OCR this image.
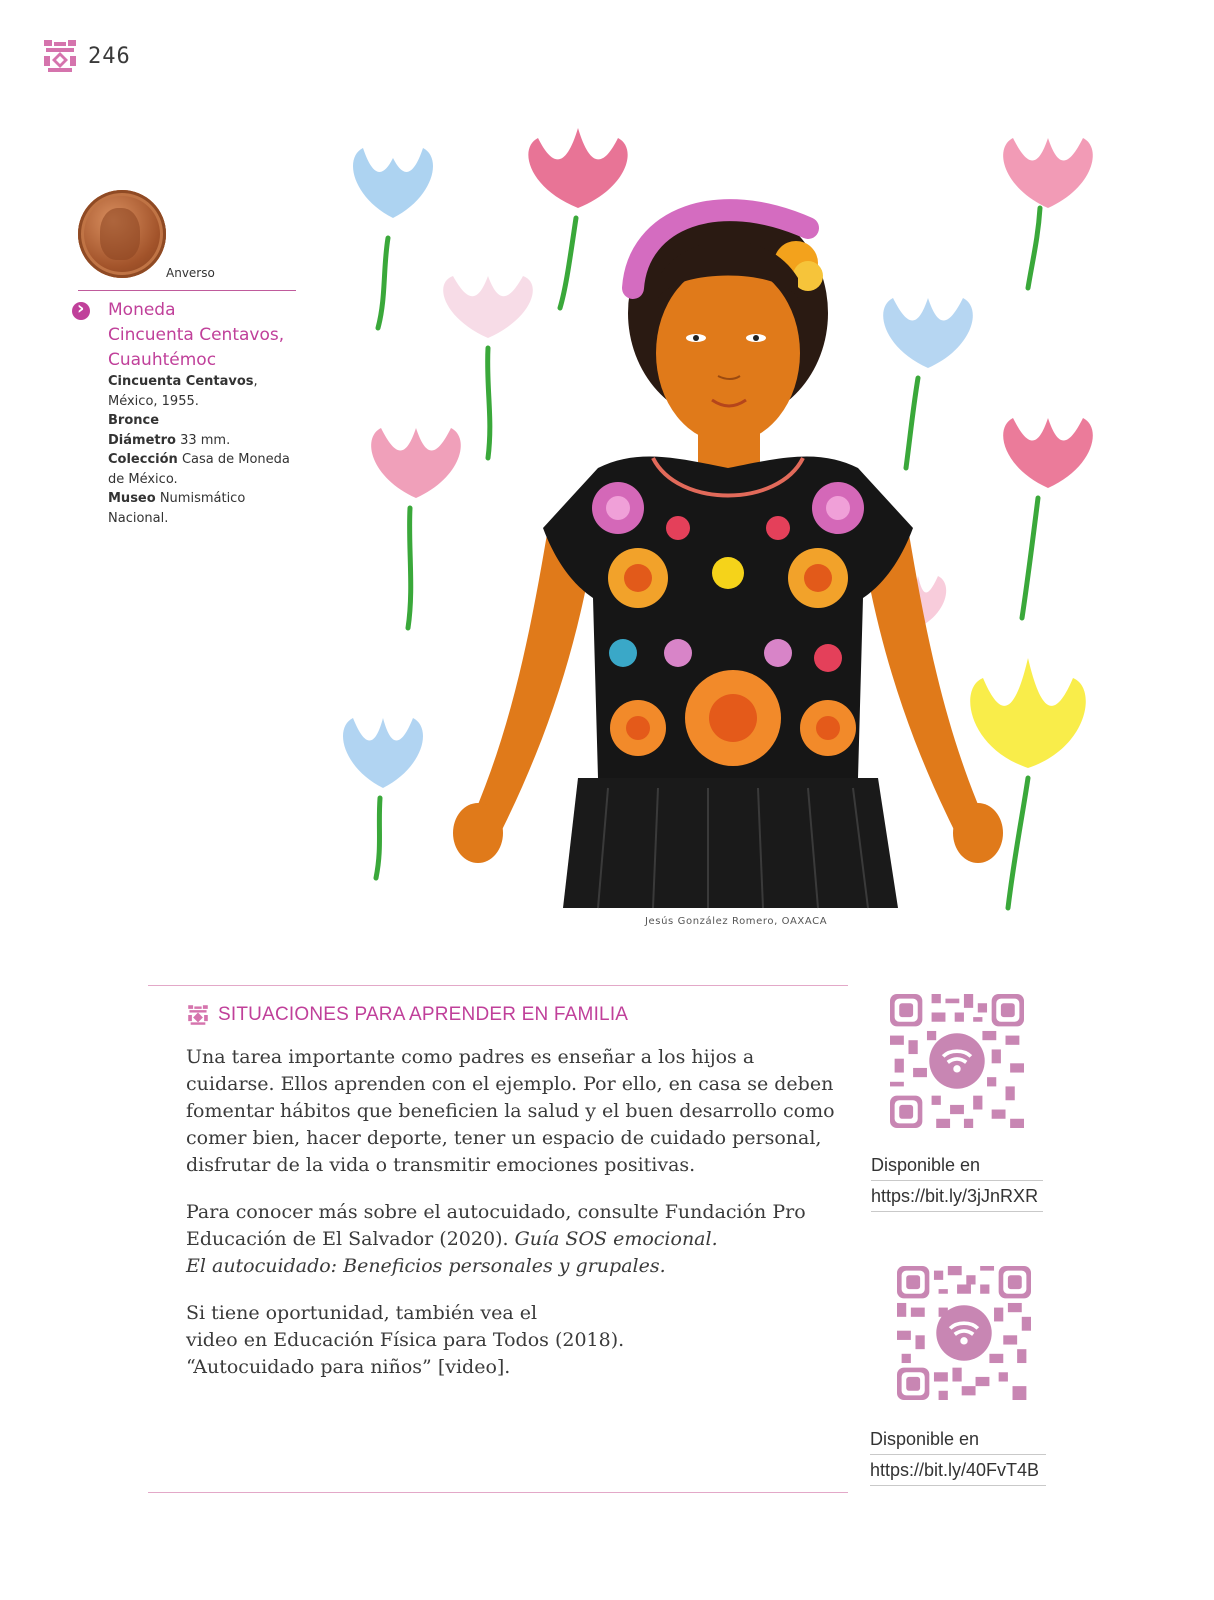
246
Anverso
›
Moneda
Cincuenta Centavos,
Cuauhtémoc
Cincuenta Centavos,
México, 1955.
Bronce
Diámetro 33 mm.
Colección Casa de Moneda de México.
Museo Numismático Nacional.
Jesús González Romero, OAXACA
SITUACIONES PARA APRENDER EN FAMILIA

Una tarea importante como padres es enseñar a los hijos a cuidarse. Ellos aprenden con el ejemplo. Por ello, en casa se deben fomentar hábitos que beneficien la salud y el buen desarrollo como comer bien, hacer deporte, tener un espacio de cuidado personal, disfrutar de la vida o transmitir emociones positivas.

Para conocer más sobre el autocuidado, consulte Fundación Pro Educación de El Salvador (2020). Guía SOS emocional.
El autocuidado: Beneficios personales y grupales.

Si tiene oportunidad, también vea el
video en Educación Física para Todos (2018).
“Autocuidado para niños” [video].

Disponible en
https://bit.ly/3jJnRXR
Disponible en
https://bit.ly/40FvT4B
